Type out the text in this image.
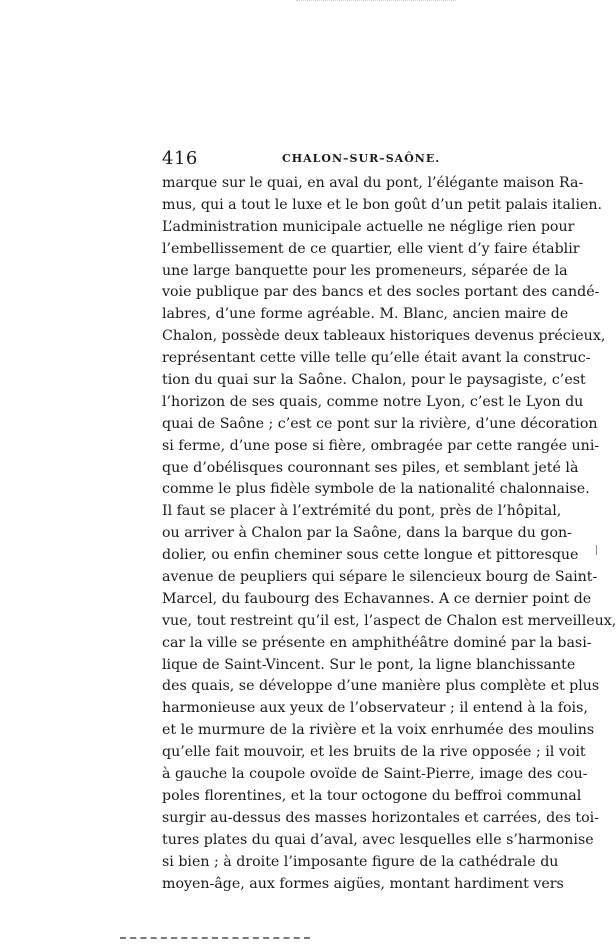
416	CHALON–SUR–SAÔNE.
marque sur le quai, en aval du pont, l’élégante maison Ra-
mus, qui a tout le luxe et le bon goût d’un petit palais italien.
L’administration municipale actuelle ne néglige rien pour
l’embellissement de ce quartier, elle vient d’y faire établir
une large banquette pour les promeneurs, séparée de la
voie publique par des bancs et des socles portant des candé-
labres, d’une forme agréable. M. Blanc, ancien maire de
Chalon, possède deux tableaux historiques devenus précieux,
représentant cette ville telle qu’elle était avant la construc-
tion du quai sur la Saône. Chalon, pour le paysagiste, c’est
l’horizon de ses quais, comme notre Lyon, c’est le Lyon du
quai de Saône ; c’est ce pont sur la rivière, d’une décoration
si ferme, d’une pose si fière, ombragée par cette rangée uni-
que d’obélisques couronnant ses piles, et semblant jeté là
comme le plus fidèle symbole de la nationalité chalonnaise.
Il faut se placer à l’extrémité du pont, près de l’hôpital,
ou arriver à Chalon par la Saône, dans la barque du gon-
dolier, ou enfin cheminer sous cette longue et pittoresque
avenue de peupliers qui sépare le silencieux bourg de Saint-
Marcel, du faubourg des Echavannes. A ce dernier point de
vue, tout restreint qu’il est, l’aspect de Chalon est merveilleux,
car la ville se présente en amphithéâtre dominé par la basi-
lique de Saint-Vincent. Sur le pont, la ligne blanchissante
des quais, se développe d’une manière plus complète et plus
harmonieuse aux yeux de l’observateur ; il entend à la fois,
et le murmure de la rivière et la voix enrhumée des moulins
qu’elle fait mouvoir, et les bruits de la rive opposée ; il voit
à gauche la coupole ovoïde de Saint-Pierre, image des cou-
poles florentines, et la tour octogone du beffroi communal
surgir au-dessus des masses horizontales et carrées, des toi-
tures plates du quai d’aval, avec lesquelles elle s’harmonise
si bien ; à droite l’imposante figure de la cathédrale du
moyen-âge, aux formes aigües, montant hardiment vers
